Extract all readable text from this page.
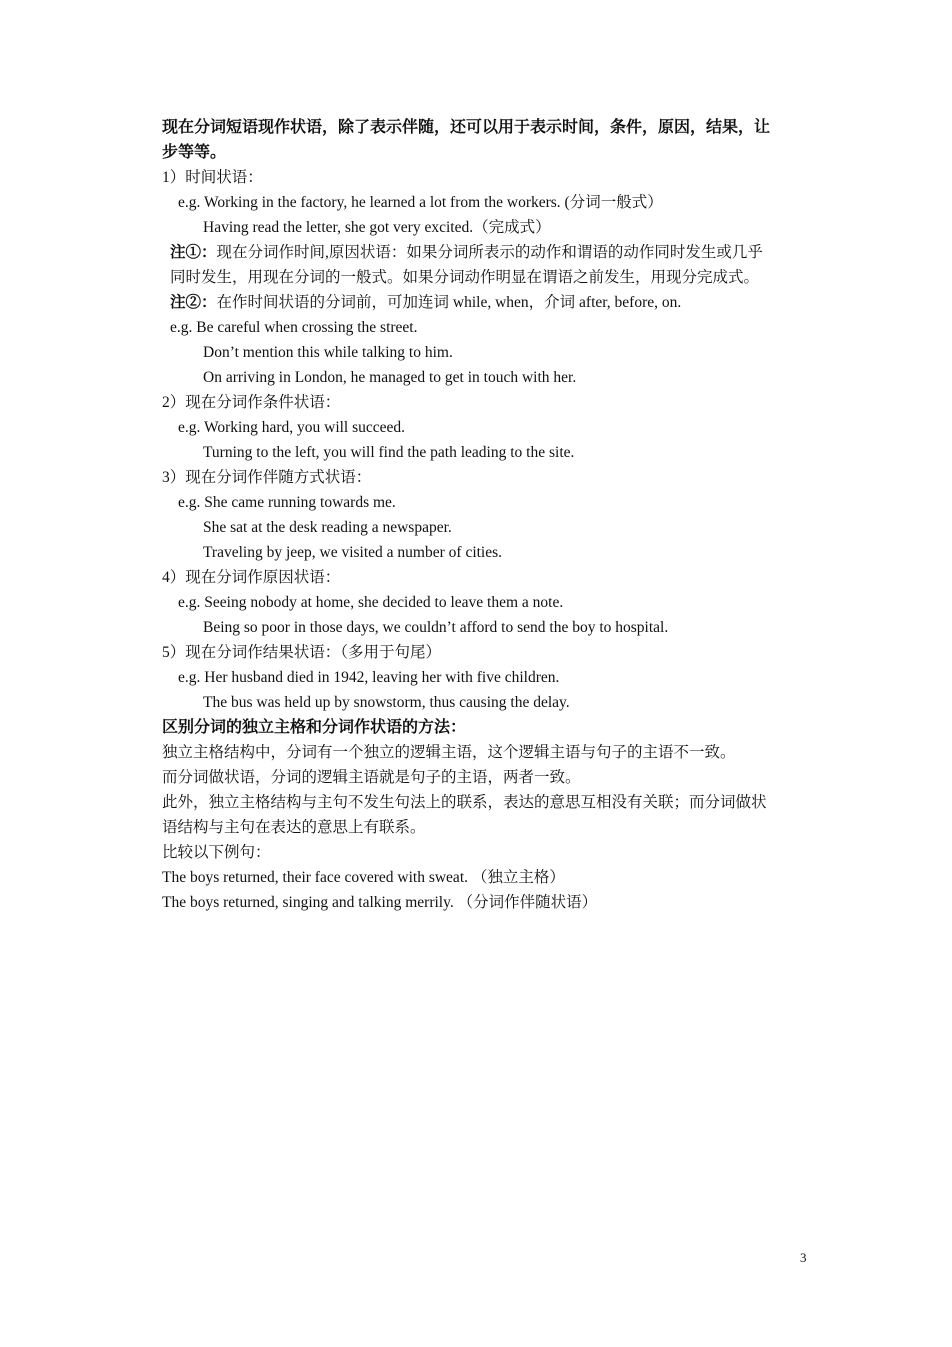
现在分词短语现作状语，除了表示伴随，还可以用于表示时间，条件，原因，结果，让
步等等。
1）时间状语：
e.g. Working in the factory, he learned a lot from the workers. (分词一般式）
Having read the letter, she got very excited.（完成式）
注①：现在分词作时间,原因状语：如果分词所表示的动作和谓语的动作同时发生或几乎
同时发生，用现在分词的一般式。如果分词动作明显在谓语之前发生，用现分完成式。
注②：在作时间状语的分词前，可加连词 while, when，介词 after, before, on.
e.g. Be careful when crossing the street.
Don’t mention this while talking to him.
On arriving in London, he managed to get in touch with her.
2）现在分词作条件状语：
e.g. Working hard, you will succeed.
Turning to the left, you will find the path leading to the site.
3）现在分词作伴随方式状语：
e.g. She came running towards me.
She sat at the desk reading a newspaper.
Traveling by jeep, we visited a number of cities.
4）现在分词作原因状语：
e.g. Seeing nobody at home, she decided to leave them a note.
Being so poor in those days, we couldn’t afford to send the boy to hospital.
5）现在分词作结果状语：（多用于句尾）
e.g. Her husband died in 1942, leaving her with five children.
The bus was held up by snowstorm, thus causing the delay.
区别分词的独立主格和分词作状语的方法：
独立主格结构中，分词有一个独立的逻辑主语，这个逻辑主语与句子的主语不一致。
而分词做状语，分词的逻辑主语就是句子的主语，两者一致。
此外，独立主格结构与主句不发生句法上的联系，表达的意思互相没有关联；而分词做状
语结构与主句在表达的意思上有联系。
比较以下例句：
The boys returned, their face covered with sweat. （独立主格）
The boys returned, singing and talking merrily. （分词作伴随状语）
3
